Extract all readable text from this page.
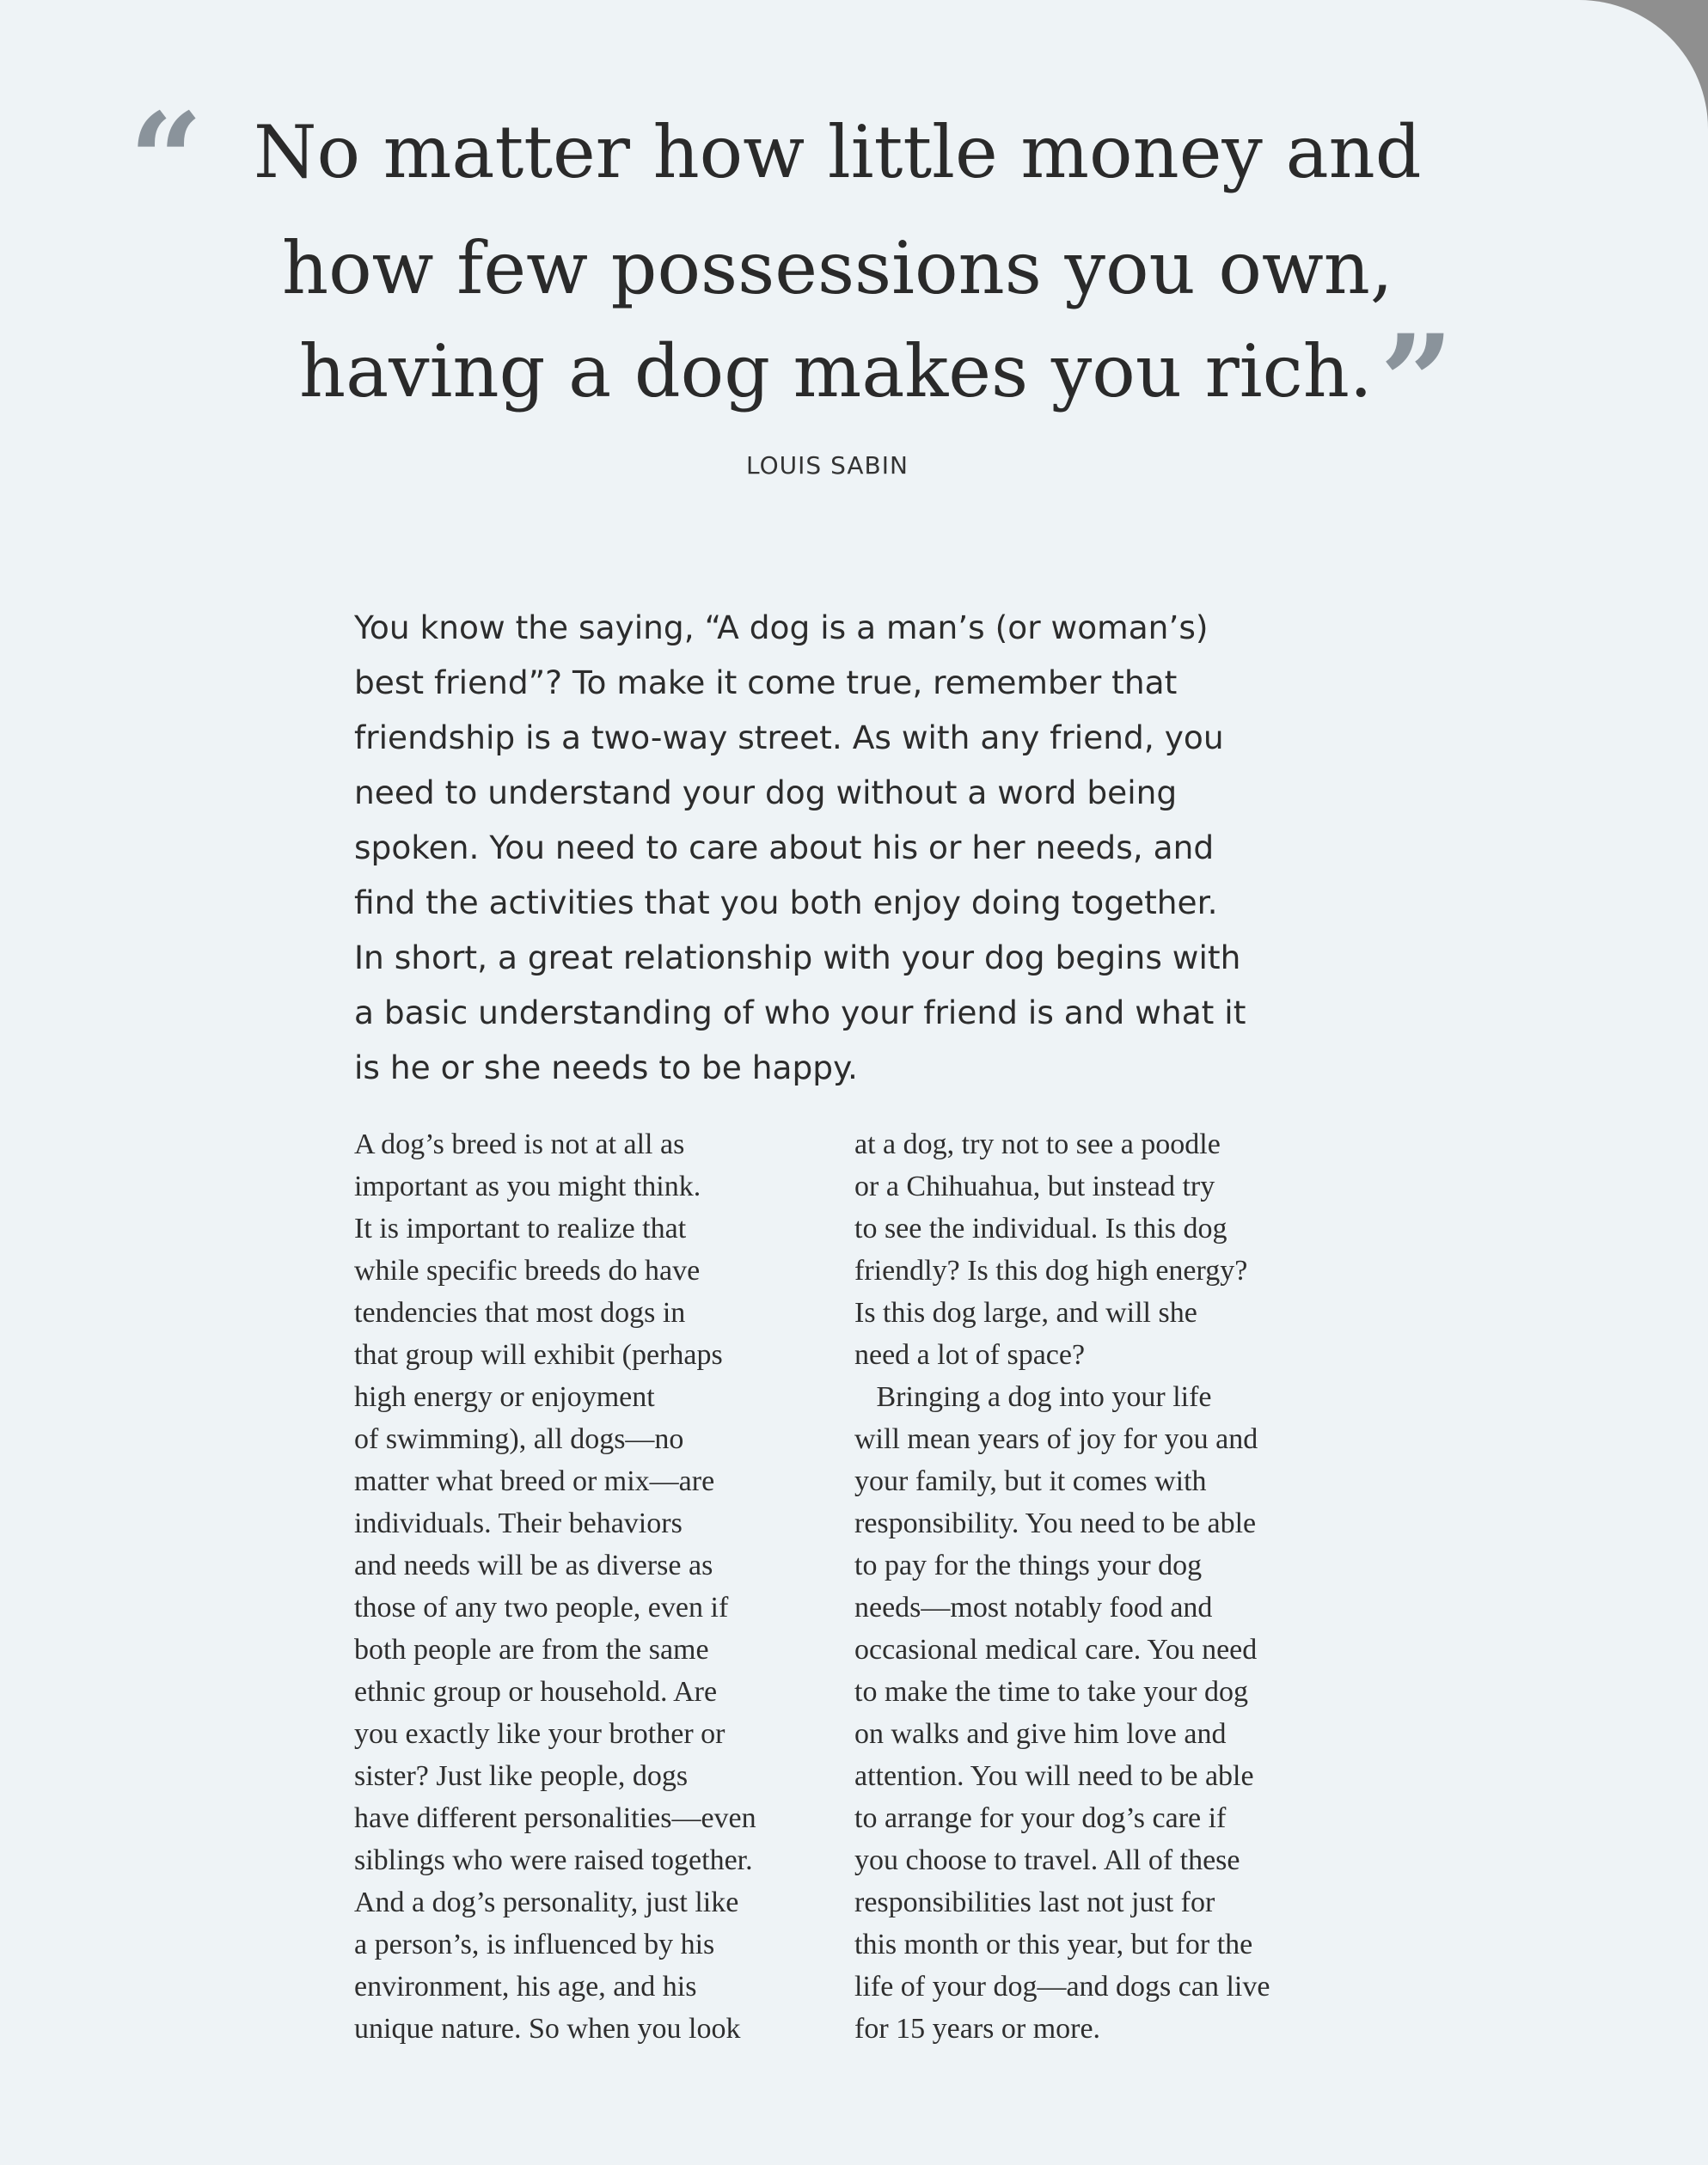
“ No matter how little money and
how few possessions you own,
having a dog makes you rich. ”
LOUIS SABIN
You know the saying, “A dog is a man’s (or woman’s)
best friend”? To make it come true, remember that
friendship is a two-way street. As with any friend, you
need to understand your dog without a word being
spoken. You need to care about his or her needs, and
find the activities that you both enjoy doing together.
In short, a great relationship with your dog begins with
a basic understanding of who your friend is and what it
is he or she needs to be happy.
A dog’s breed is not at all as
important as you might think.
It is important to realize that
while specific breeds do have
tendencies that most dogs in
that group will exhibit (perhaps
high energy or enjoyment
of swimming), all dogs—no
matter what breed or mix—are
individuals. Their behaviors
and needs will be as diverse as
those of any two people, even if
both people are from the same
ethnic group or household. Are
you exactly like your brother or
sister? Just like people, dogs
have different personalities—even
siblings who were raised together.
And a dog’s personality, just like
a person’s, is influenced by his
environment, his age, and his
unique nature. So when you look
at a dog, try not to see a poodle
or a Chihuahua, but instead try
to see the individual. Is this dog
friendly? Is this dog high energy?
Is this dog large, and will she
need a lot of space?
Bringing a dog into your life
will mean years of joy for you and
your family, but it comes with
responsibility. You need to be able
to pay for the things your dog
needs—most notably food and
occasional medical care. You need
to make the time to take your dog
on walks and give him love and
attention. You will need to be able
to arrange for your dog’s care if
you choose to travel. All of these
responsibilities last not just for
this month or this year, but for the
life of your dog—and dogs can live
for 15 years or more.
